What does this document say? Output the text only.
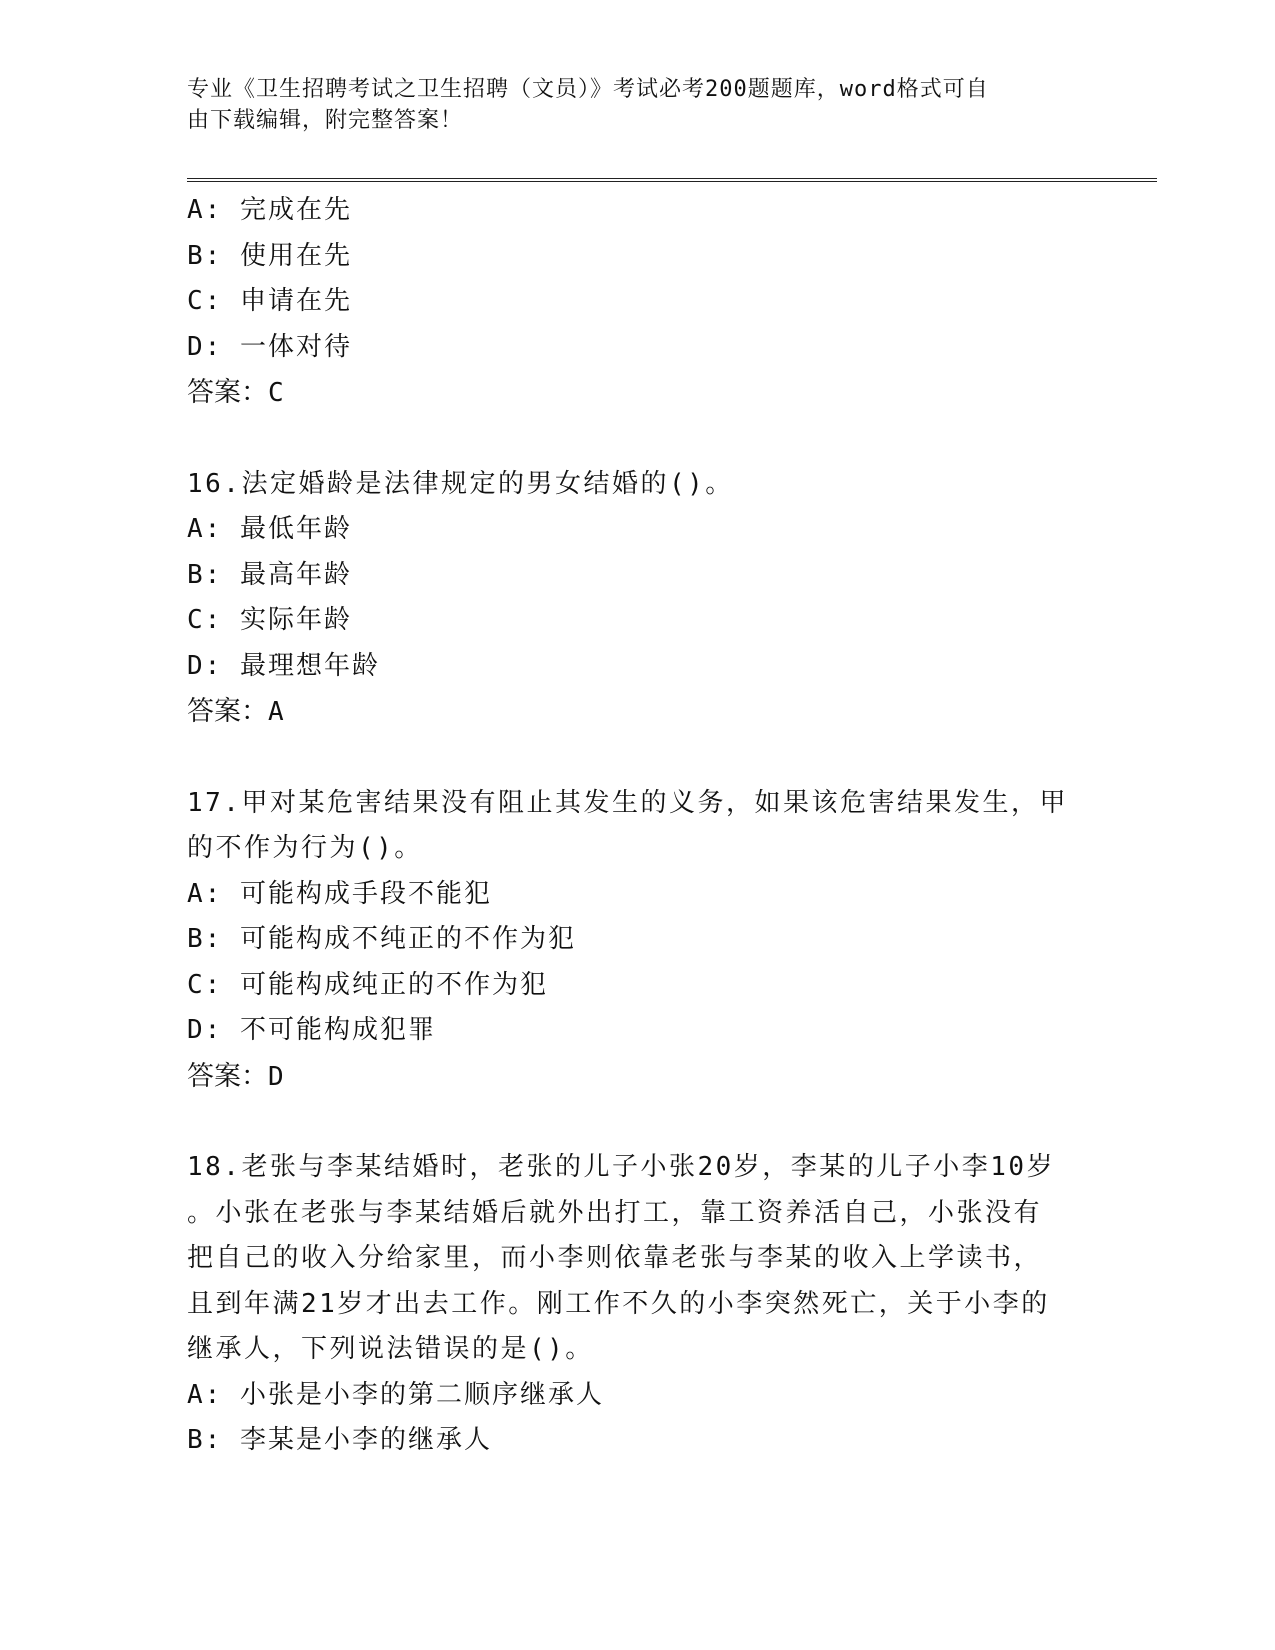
专业《卫生招聘考试之卫生招聘（文员）》考试必考200题题库，word格式可自
由下载编辑，附完整答案！
A: 完成在先
B: 使用在先
C: 申请在先
D: 一体对待
答案：C
16.法定婚龄是法律规定的男女结婚的()。
A: 最低年龄
B: 最高年龄
C: 实际年龄
D: 最理想年龄
答案：A
17.甲对某危害结果没有阻止其发生的义务，如果该危害结果发生，甲
的不作为行为()。
A: 可能构成手段不能犯
B: 可能构成不纯正的不作为犯
C: 可能构成纯正的不作为犯
D: 不可能构成犯罪
答案：D
18.老张与李某结婚时，老张的儿子小张20岁，李某的儿子小李10岁
。小张在老张与李某结婚后就外出打工，靠工资养活自己，小张没有
把自己的收入分给家里，而小李则依靠老张与李某的收入上学读书，
且到年满21岁才出去工作。刚工作不久的小李突然死亡，关于小李的
继承人，下列说法错误的是()。
A: 小张是小李的第二顺序继承人
B: 李某是小李的继承人
